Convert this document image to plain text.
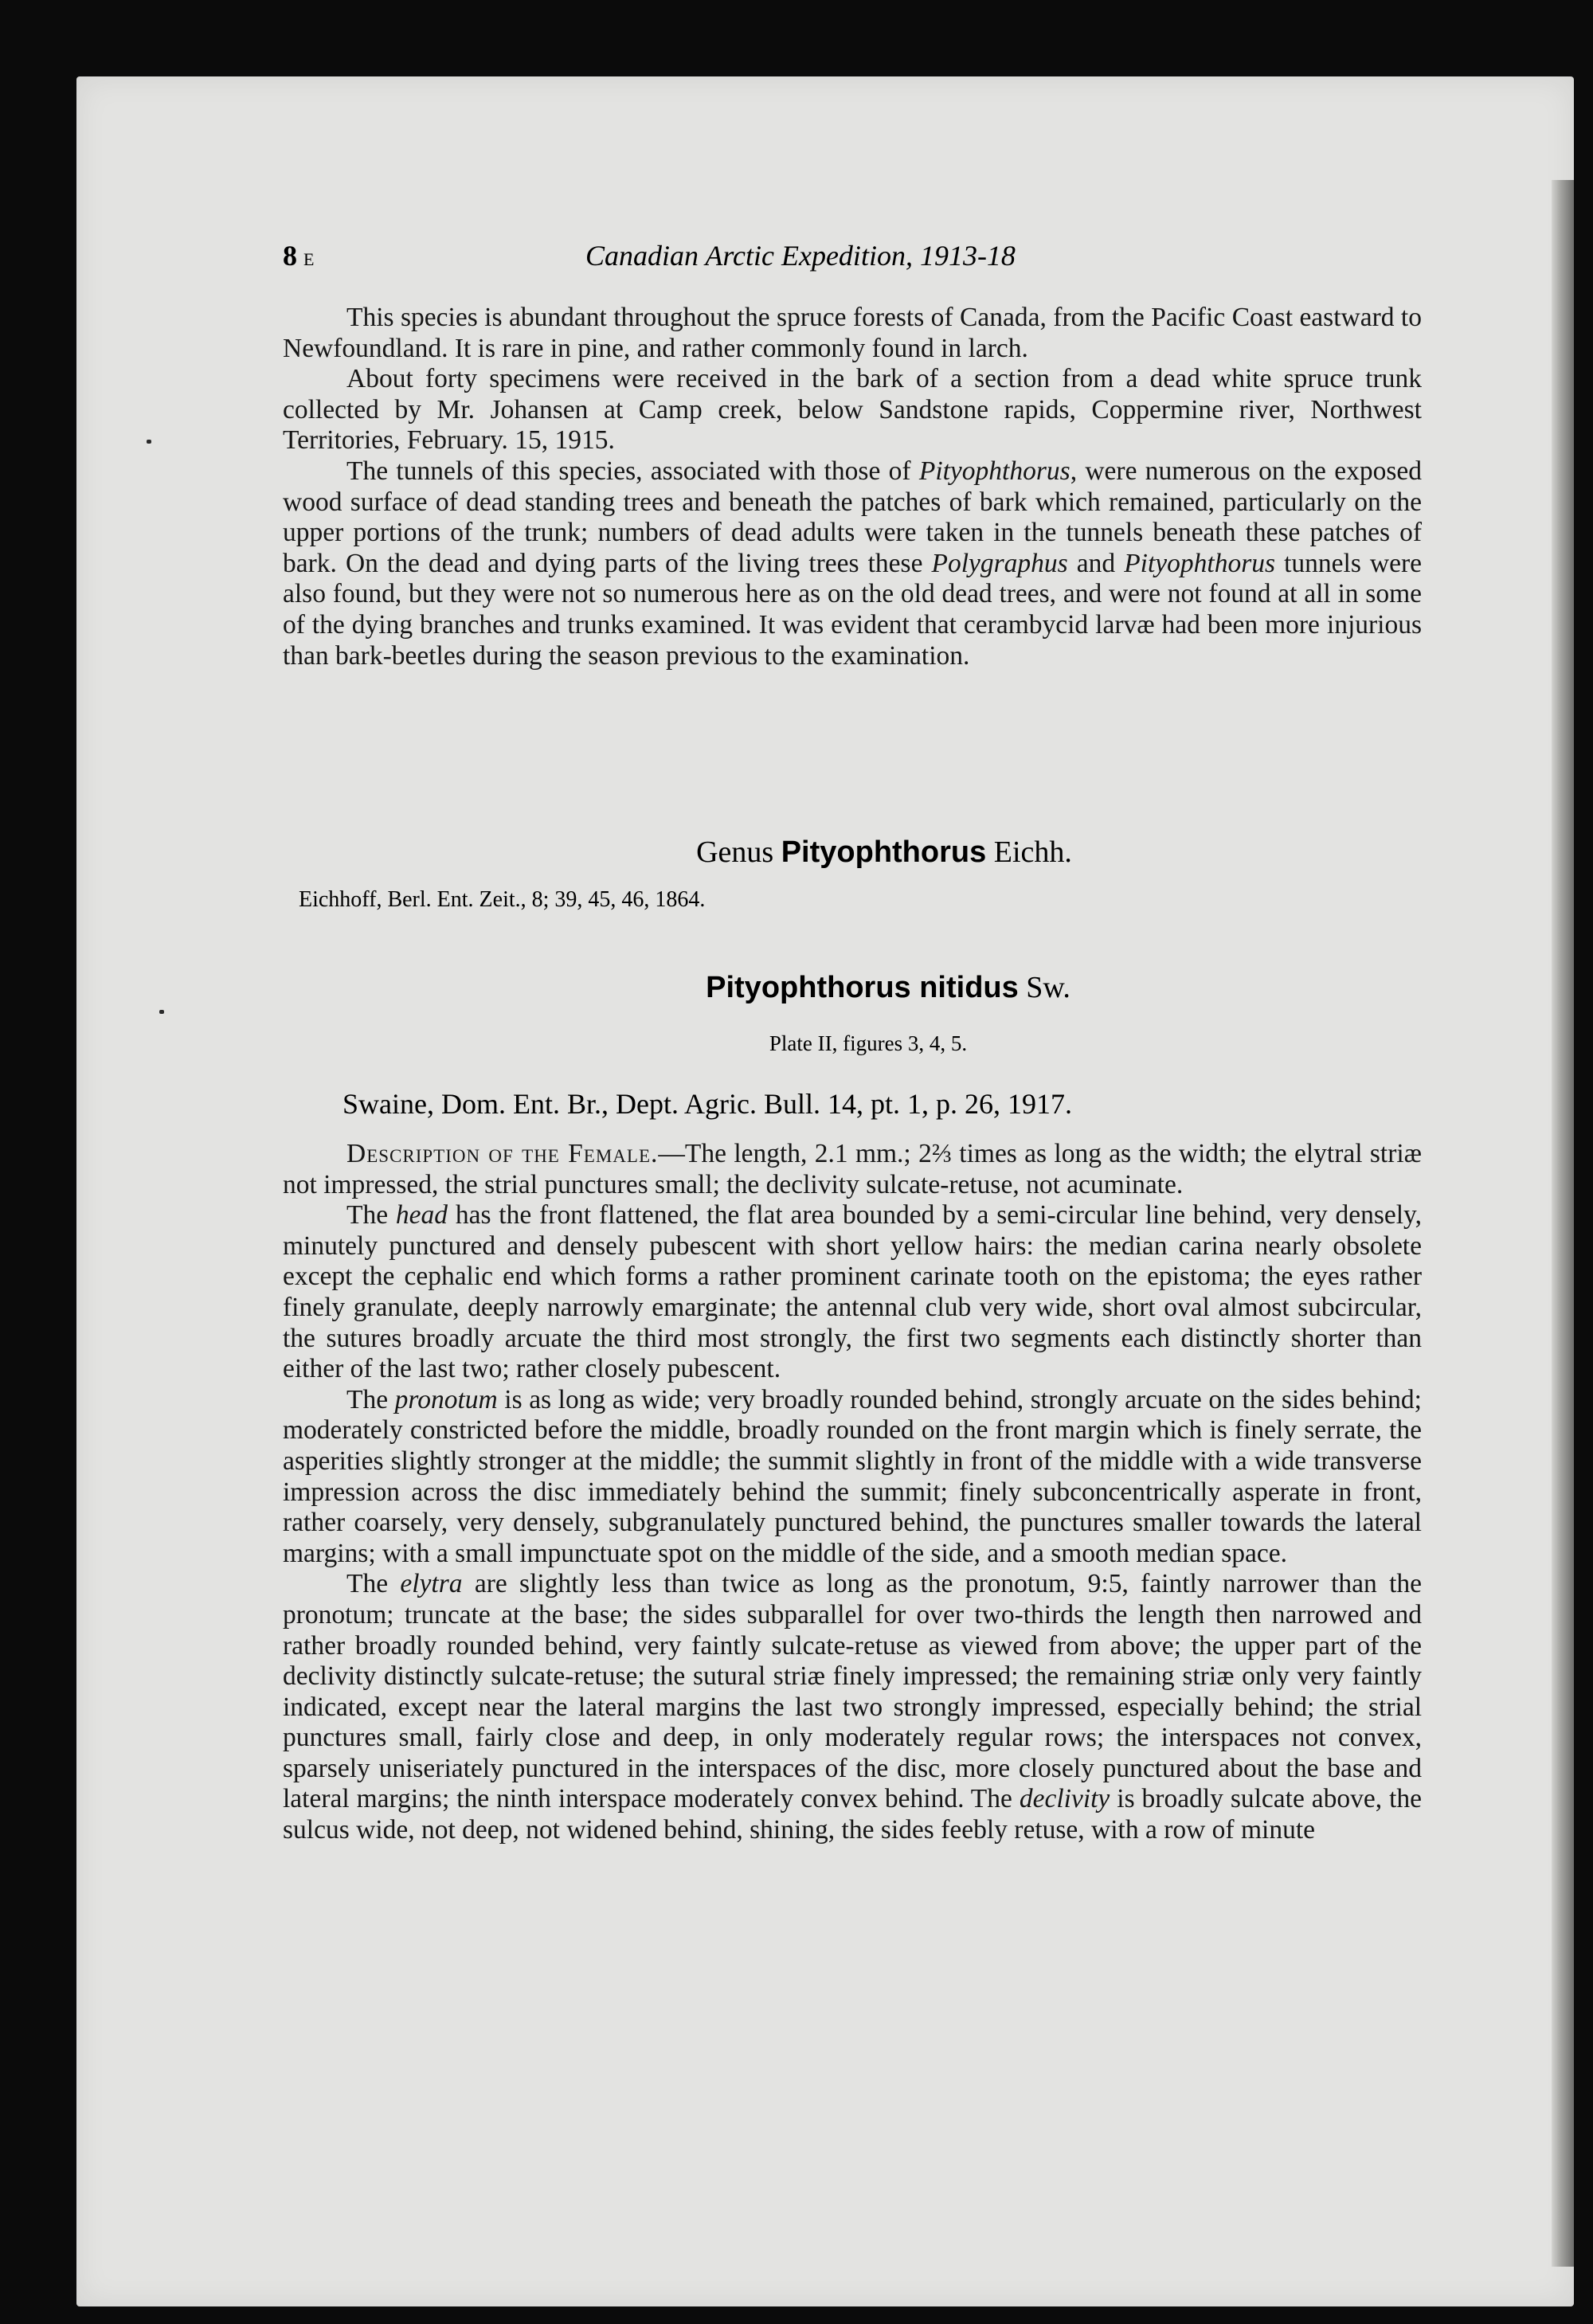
8 E	Canadian Arctic Expedition, 1913-18

This species is abundant throughout the spruce forests of Canada, from the Pacific Coast eastward to Newfoundland. It is rare in pine, and rather commonly found in larch.

About forty specimens were received in the bark of a section from a dead white spruce trunk collected by Mr. Johansen at Camp creek, below Sandstone rapids, Coppermine river, Northwest Territories, February. 15, 1915.

The tunnels of this species, associated with those of Pityophthorus, were numerous on the exposed wood surface of dead standing trees and beneath the patches of bark which remained, particularly on the upper portions of the trunk; numbers of dead adults were taken in the tunnels beneath these patches of bark. On the dead and dying parts of the living trees these Polygraphus and Pityophthorus tunnels were also found, but they were not so numerous here as on the old dead trees, and were not found at all in some of the dying branches and trunks examined. It was evident that cerambycid larvæ had been more injurious than bark-beetles during the season previous to the examination.

Genus Pityophthorus Eichh.
Eichhoff, Berl. Ent. Zeit., 8; 39, 45, 46, 1864.
Pityophthorus nitidus Sw.
Plate II, figures 3, 4, 5.
Swaine, Dom. Ent. Br., Dept. Agric. Bull. 14, pt. 1, p. 26, 1917.

Description of the Female.—The length, 2.1 mm.; 2⅔ times as long as the width; the elytral striæ not impressed, the strial punctures small; the declivity sulcate-retuse, not acuminate.

The head has the front flattened, the flat area bounded by a semi-circular line behind, very densely, minutely punctured and densely pubescent with short yellow hairs: the median carina nearly obsolete except the cephalic end which forms a rather prominent carinate tooth on the epistoma; the eyes rather finely granulate, deeply narrowly emarginate; the antennal club very wide, short oval almost subcircular, the sutures broadly arcuate the third most strongly, the first two segments each distinctly shorter than either of the last two; rather closely pubescent.

The pronotum is as long as wide; very broadly rounded behind, strongly arcuate on the sides behind; moderately constricted before the middle, broadly rounded on the front margin which is finely serrate, the asperities slightly stronger at the middle; the summit slightly in front of the middle with a wide transverse impression across the disc immediately behind the summit; finely subconcentrically asperate in front, rather coarsely, very densely, subgranulately punctured behind, the punctures smaller towards the lateral margins; with a small impunctuate spot on the middle of the side, and a smooth median space.

The elytra are slightly less than twice as long as the pronotum, 9:5, faintly narrower than the pronotum; truncate at the base; the sides subparallel for over two-thirds the length then narrowed and rather broadly rounded behind, very faintly sulcate-retuse as viewed from above; the upper part of the declivity distinctly sulcate-retuse; the sutural striæ finely impressed; the remaining striæ only very faintly indicated, except near the lateral margins the last two strongly impressed, especially behind; the strial punctures small, fairly close and deep, in only moderately regular rows; the interspaces not convex, sparsely uniseriately punctured in the interspaces of the disc, more closely punctured about the base and lateral margins; the ninth interspace moderately convex behind. The declivity is broadly sulcate above, the sulcus wide, not deep, not widened behind, shining, the sides feebly retuse, with a row of minute
